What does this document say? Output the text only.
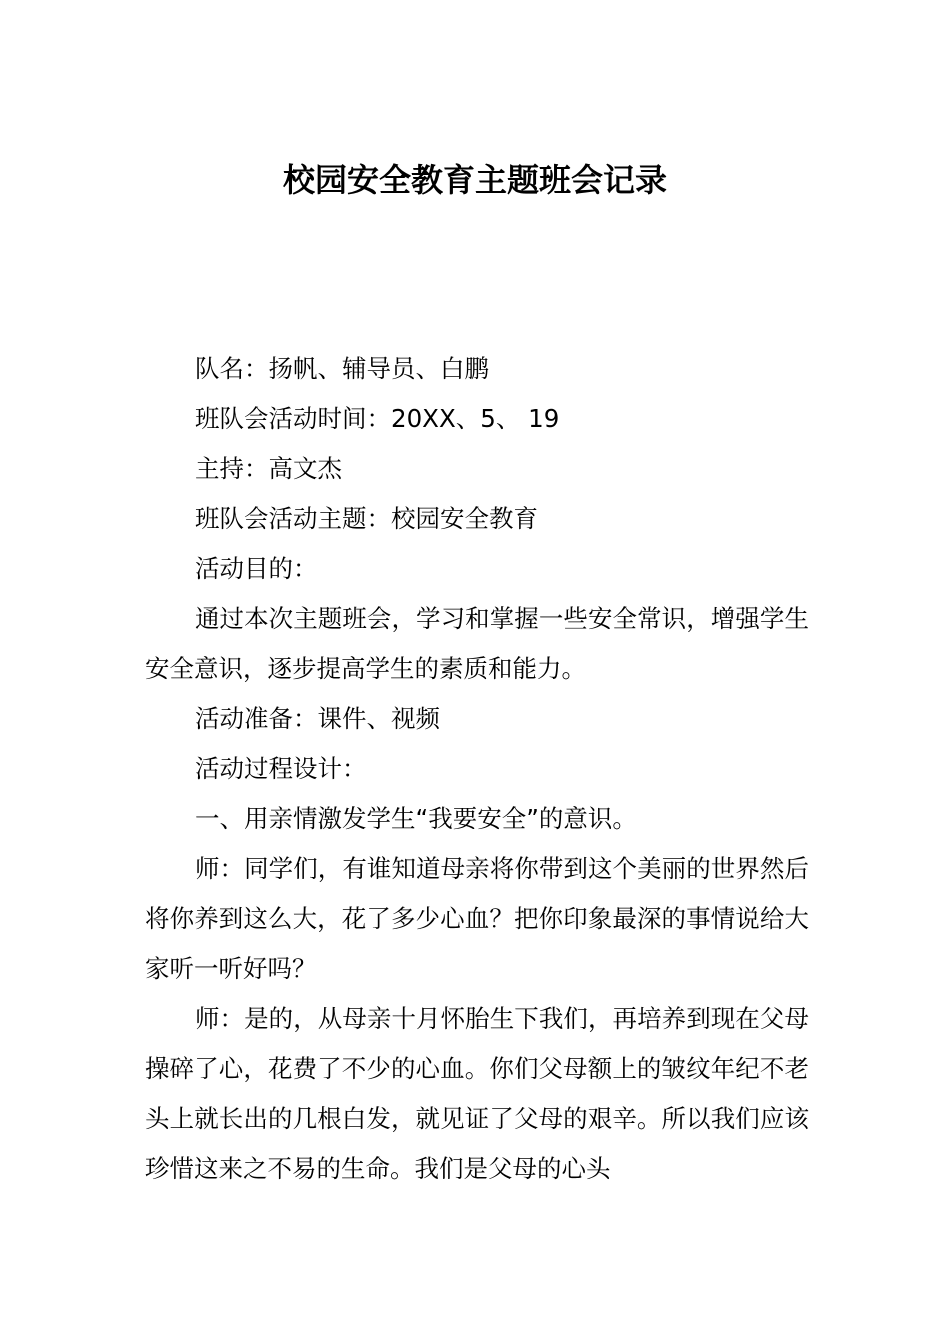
校园安全教育主题班会记录

队名：扬帆、辅导员、白鹏

班队会活动时间：20XX、5、 19

主持：高文杰

班队会活动主题：校园安全教育

活动目的：

通过本次主题班会，学习和掌握一些安全常识，增强学生安全意识，逐步提高学生的素质和能力。

活动准备：课件、视频

活动过程设计：

一、用亲情激发学生“我要安全”的意识。

师：同学们，有谁知道母亲将你带到这个美丽的世界然后将你养到这么大，花了多少心血？把你印象最深的事情说给大家听一听好吗？

师：是的，从母亲十月怀胎生下我们，再培养到现在父母操碎了心，花费了不少的心血。你们父母额上的皱纹年纪不老头上就长出的几根白发，就见证了父母的艰辛。所以我们应该珍惜这来之不易的生命。我们是父母的心头
